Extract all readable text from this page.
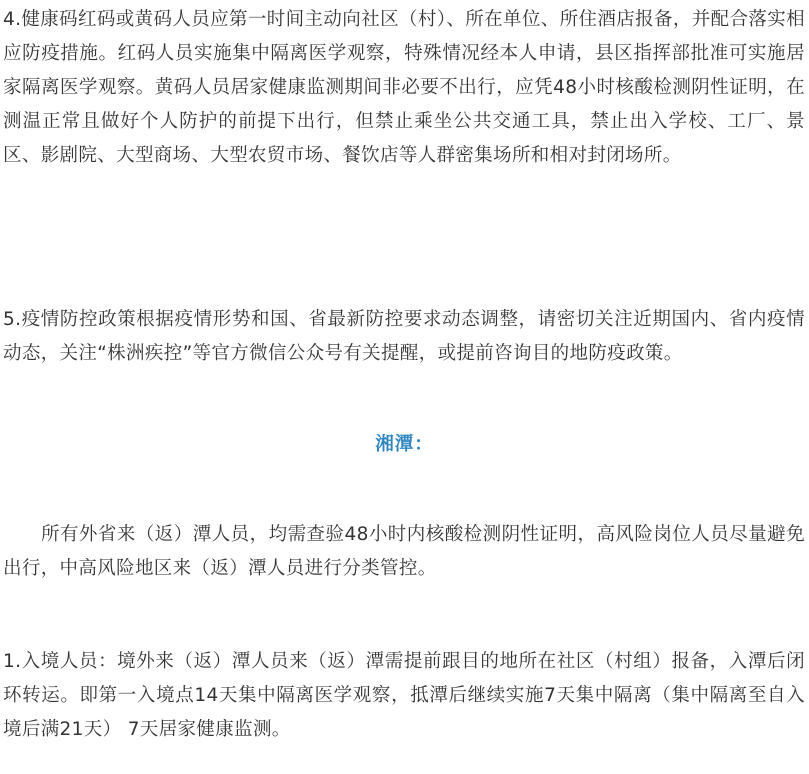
4.健康码红码或黄码人员应第一时间主动向社区（村）、所在单位、所住酒店报备，并配合落实相应防疫措施。红码人员实施集中隔离医学观察，特殊情况经本人申请，县区指挥部批准可实施居家隔离医学观察。黄码人员居家健康监测期间非必要不出行，应凭48小时核酸检测阴性证明，在测温正常且做好个人防护的前提下出行，但禁止乘坐公共交通工具，禁止出入学校、工厂、景区、影剧院、大型商场、大型农贸市场、餐饮店等人群密集场所和相对封闭场所。

5.疫情防控政策根据疫情形势和国、省最新防控要求动态调整，请密切关注近期国内、省内疫情动态，关注“株洲疾控”等官方微信公众号有关提醒，或提前咨询目的地防疫政策。

湘潭：

所有外省来（返）潭人员，均需查验48小时内核酸检测阴性证明，高风险岗位人员尽量避免出行，中高风险地区来（返）潭人员进行分类管控。

1.入境人员：境外来（返）潭人员来（返）潭需提前跟目的地所在社区（村组）报备，入潭后闭环转运。即第一入境点14天集中隔离医学观察，抵潭后继续实施7天集中隔离（集中隔离至自入境后满21天） 7天居家健康监测。
